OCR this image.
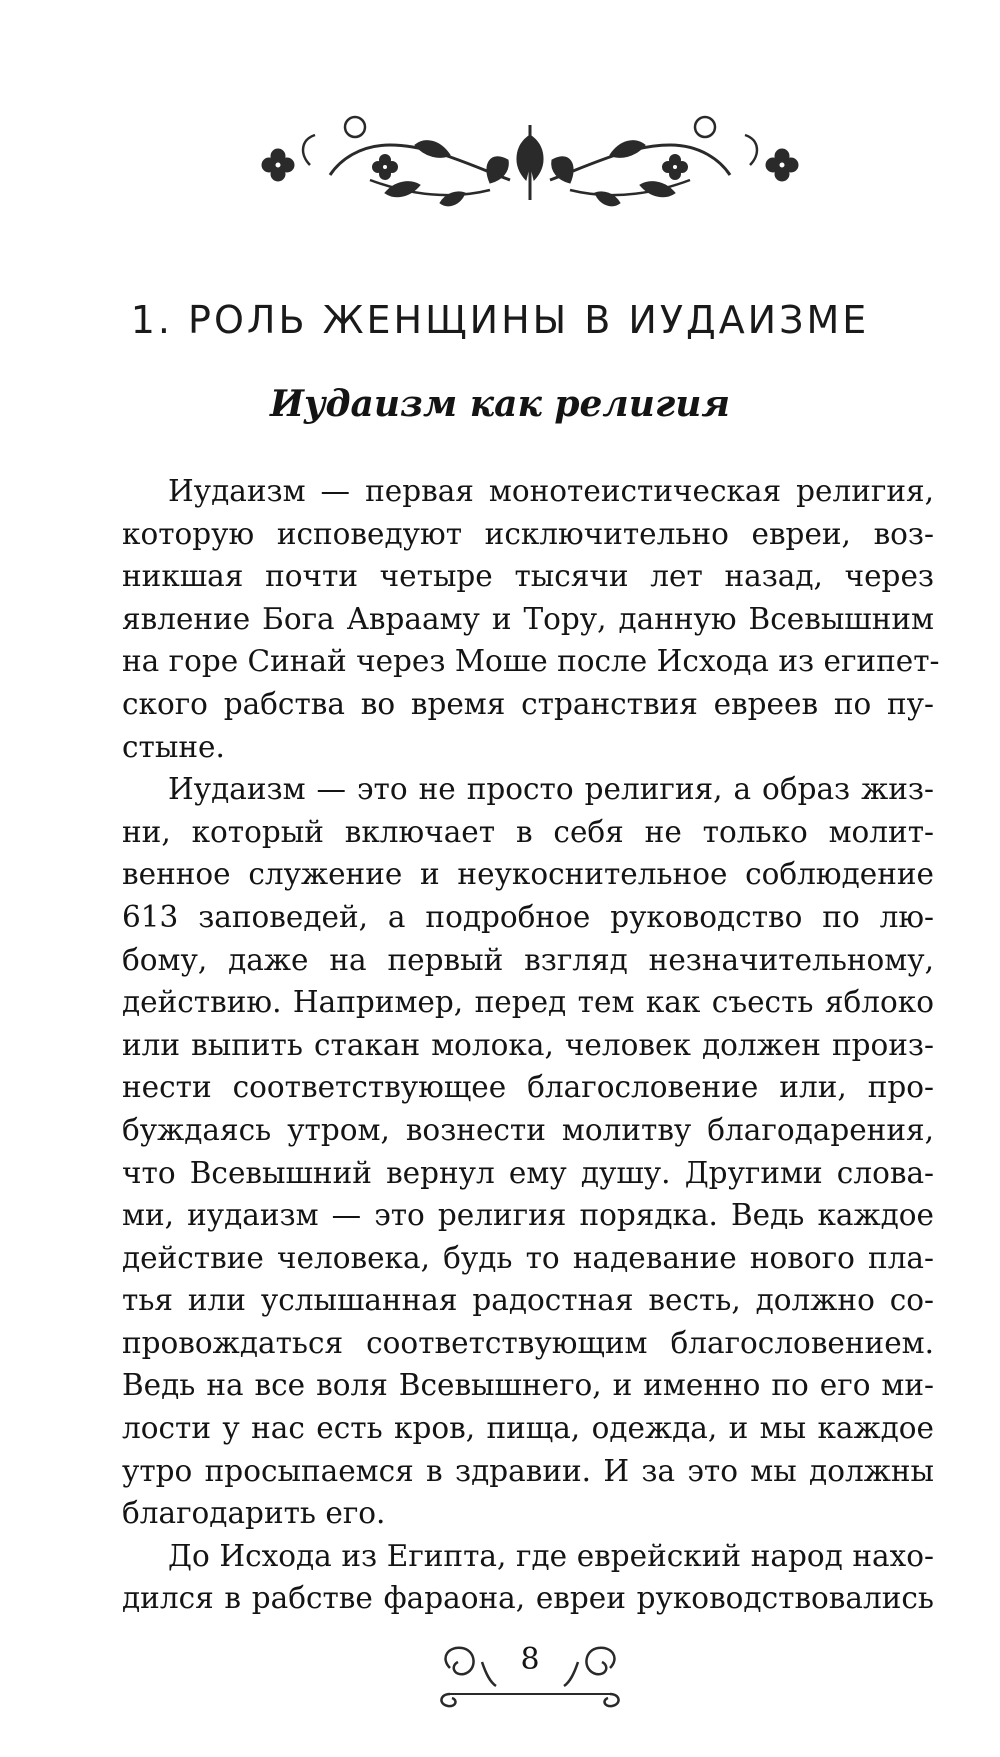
1. РОЛЬ ЖЕНЩИНЫ В ИУДАИЗМЕ
Иудаизм как религия

Иудаизм — первая монотеистическая религия,
которую исповедуют исключительно евреи, воз-
никшая почти четыре тысячи лет назад, через
явление Бога Аврааму и Тору, данную Всевышним
на горе Синай через Моше после Исхода из египет-
ского рабства во время странствия евреев по пу-
стыне.

Иудаизм — это не просто религия, а образ жиз-
ни, который включает в себя не только молит-
венное служение и неукоснительное соблюдение
613 заповедей, а подробное руководство по лю-
бому, даже на первый взгляд незначительному,
действию. Например, перед тем как съесть яблоко
или выпить стакан молока, человек должен произ-
нести соответствующее благословение или, про-
буждаясь утром, вознести молитву благодарения,
что Всевышний вернул ему душу. Другими слова-
ми, иудаизм — это религия порядка. Ведь каждое
действие человека, будь то надевание нового пла-
тья или услышанная радостная весть, должно со-
провождаться соответствующим благословением.
Ведь на все воля Всевышнего, и именно по его ми-
лости у нас есть кров, пища, одежда, и мы каждое
утро просыпаемся в здравии. И за это мы должны
благодарить его.

До Исхода из Египта, где еврейский народ нахо-
дился в рабстве фараона, евреи руководствовались

8
